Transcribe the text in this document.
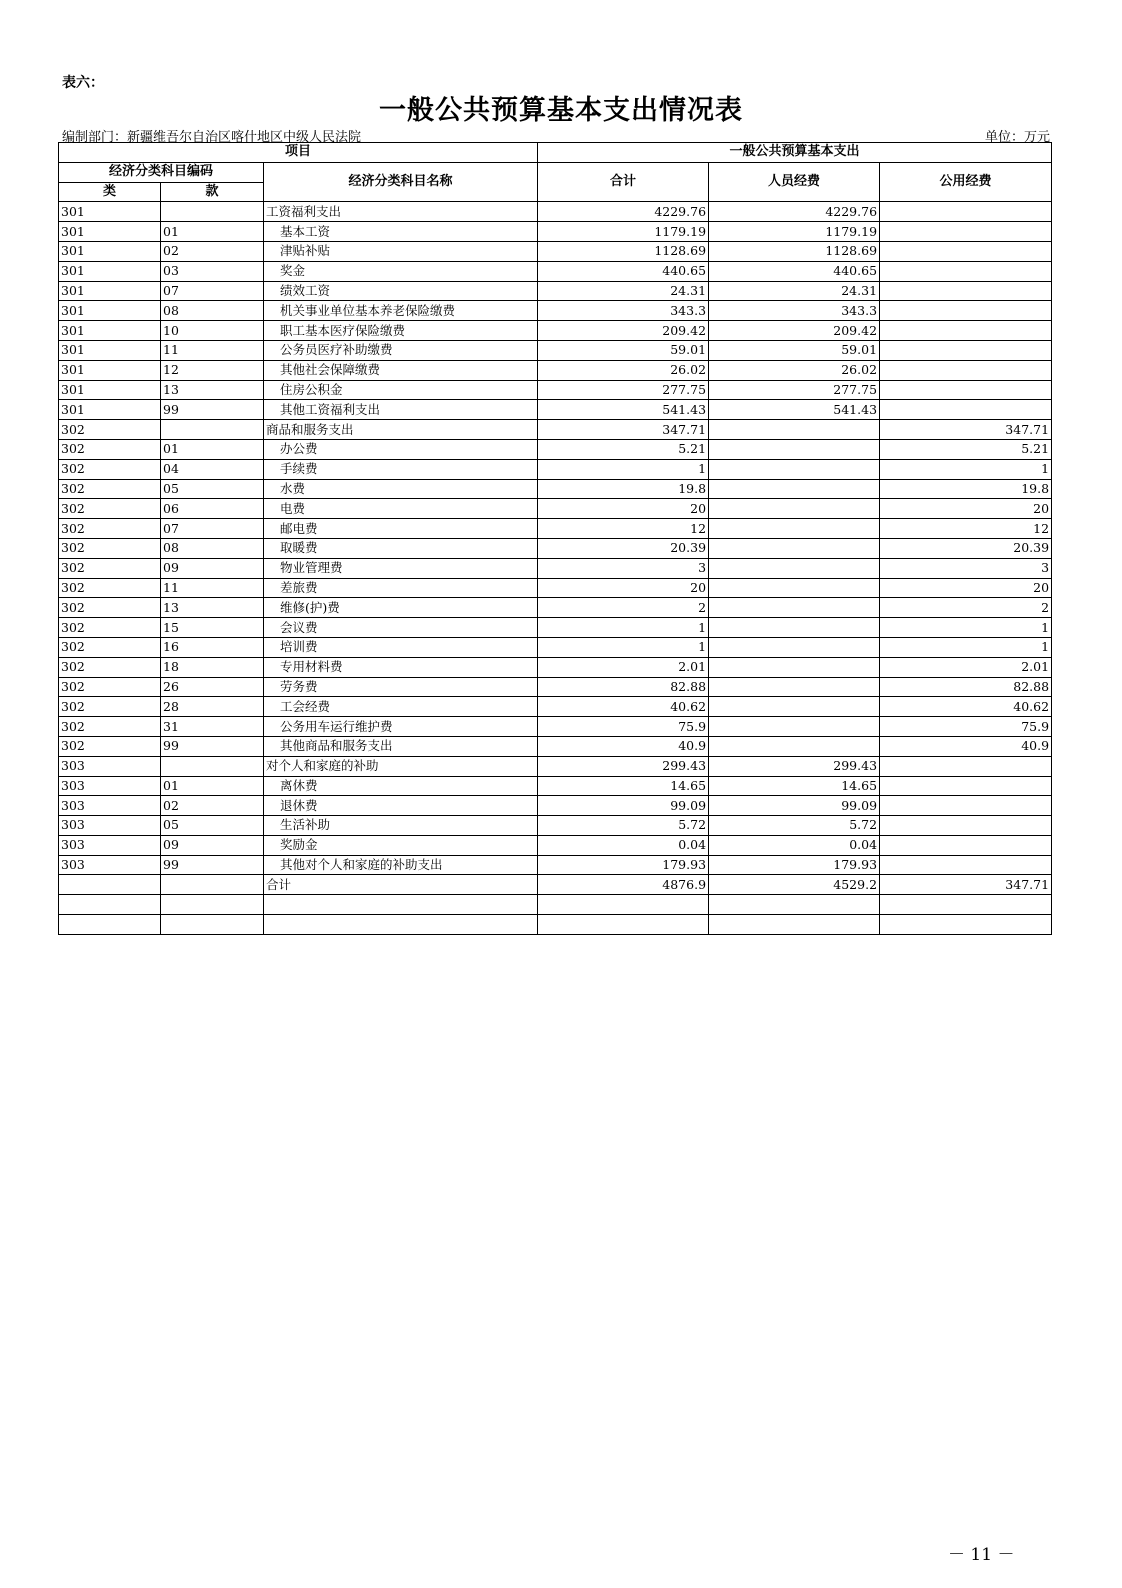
表六：
一般公共预算基本支出情况表
编制部门：新疆维吾尔自治区喀什地区中级人民法院	单位：万元
项目			一般公共预算基本支出		
经济分类科目编码		经济分类科目名称	合计	人员经费	公用经费
类	款				
301		工资福利支出	4229.76	4229.76	
301	01	基本工资	1179.19	1179.19	
301	02	津贴补贴	1128.69	1128.69	
301	03	奖金	440.65	440.65	
301	07	绩效工资	24.31	24.31	
301	08	机关事业单位基本养老保险缴费	343.3	343.3	
301	10	职工基本医疗保险缴费	209.42	209.42	
301	11	公务员医疗补助缴费	59.01	59.01	
301	12	其他社会保障缴费	26.02	26.02	
301	13	住房公积金	277.75	277.75	
301	99	其他工资福利支出	541.43	541.43	
302		商品和服务支出	347.71		347.71
302	01	办公费	5.21		5.21
302	04	手续费	1		1
302	05	水费	19.8		19.8
302	06	电费	20		20
302	07	邮电费	12		12
302	08	取暖费	20.39		20.39
302	09	物业管理费	3		3
302	11	差旅费	20		20
302	13	维修(护)费	2		2
302	15	会议费	1		1
302	16	培训费	1		1
302	18	专用材料费	2.01		2.01
302	26	劳务费	82.88		82.88
302	28	工会经费	40.62		40.62
302	31	公务用车运行维护费	75.9		75.9
302	99	其他商品和服务支出	40.9		40.9
303		对个人和家庭的补助	299.43	299.43	
303	01	离休费	14.65	14.65	
303	02	退休费	99.09	99.09	
303	05	生活补助	5.72	5.72	
303	09	奖励金	0.04	0.04	
303	99	其他对个人和家庭的补助支出	179.93	179.93	
		合计	4876.9	4529.2	347.71

－ 11 －
